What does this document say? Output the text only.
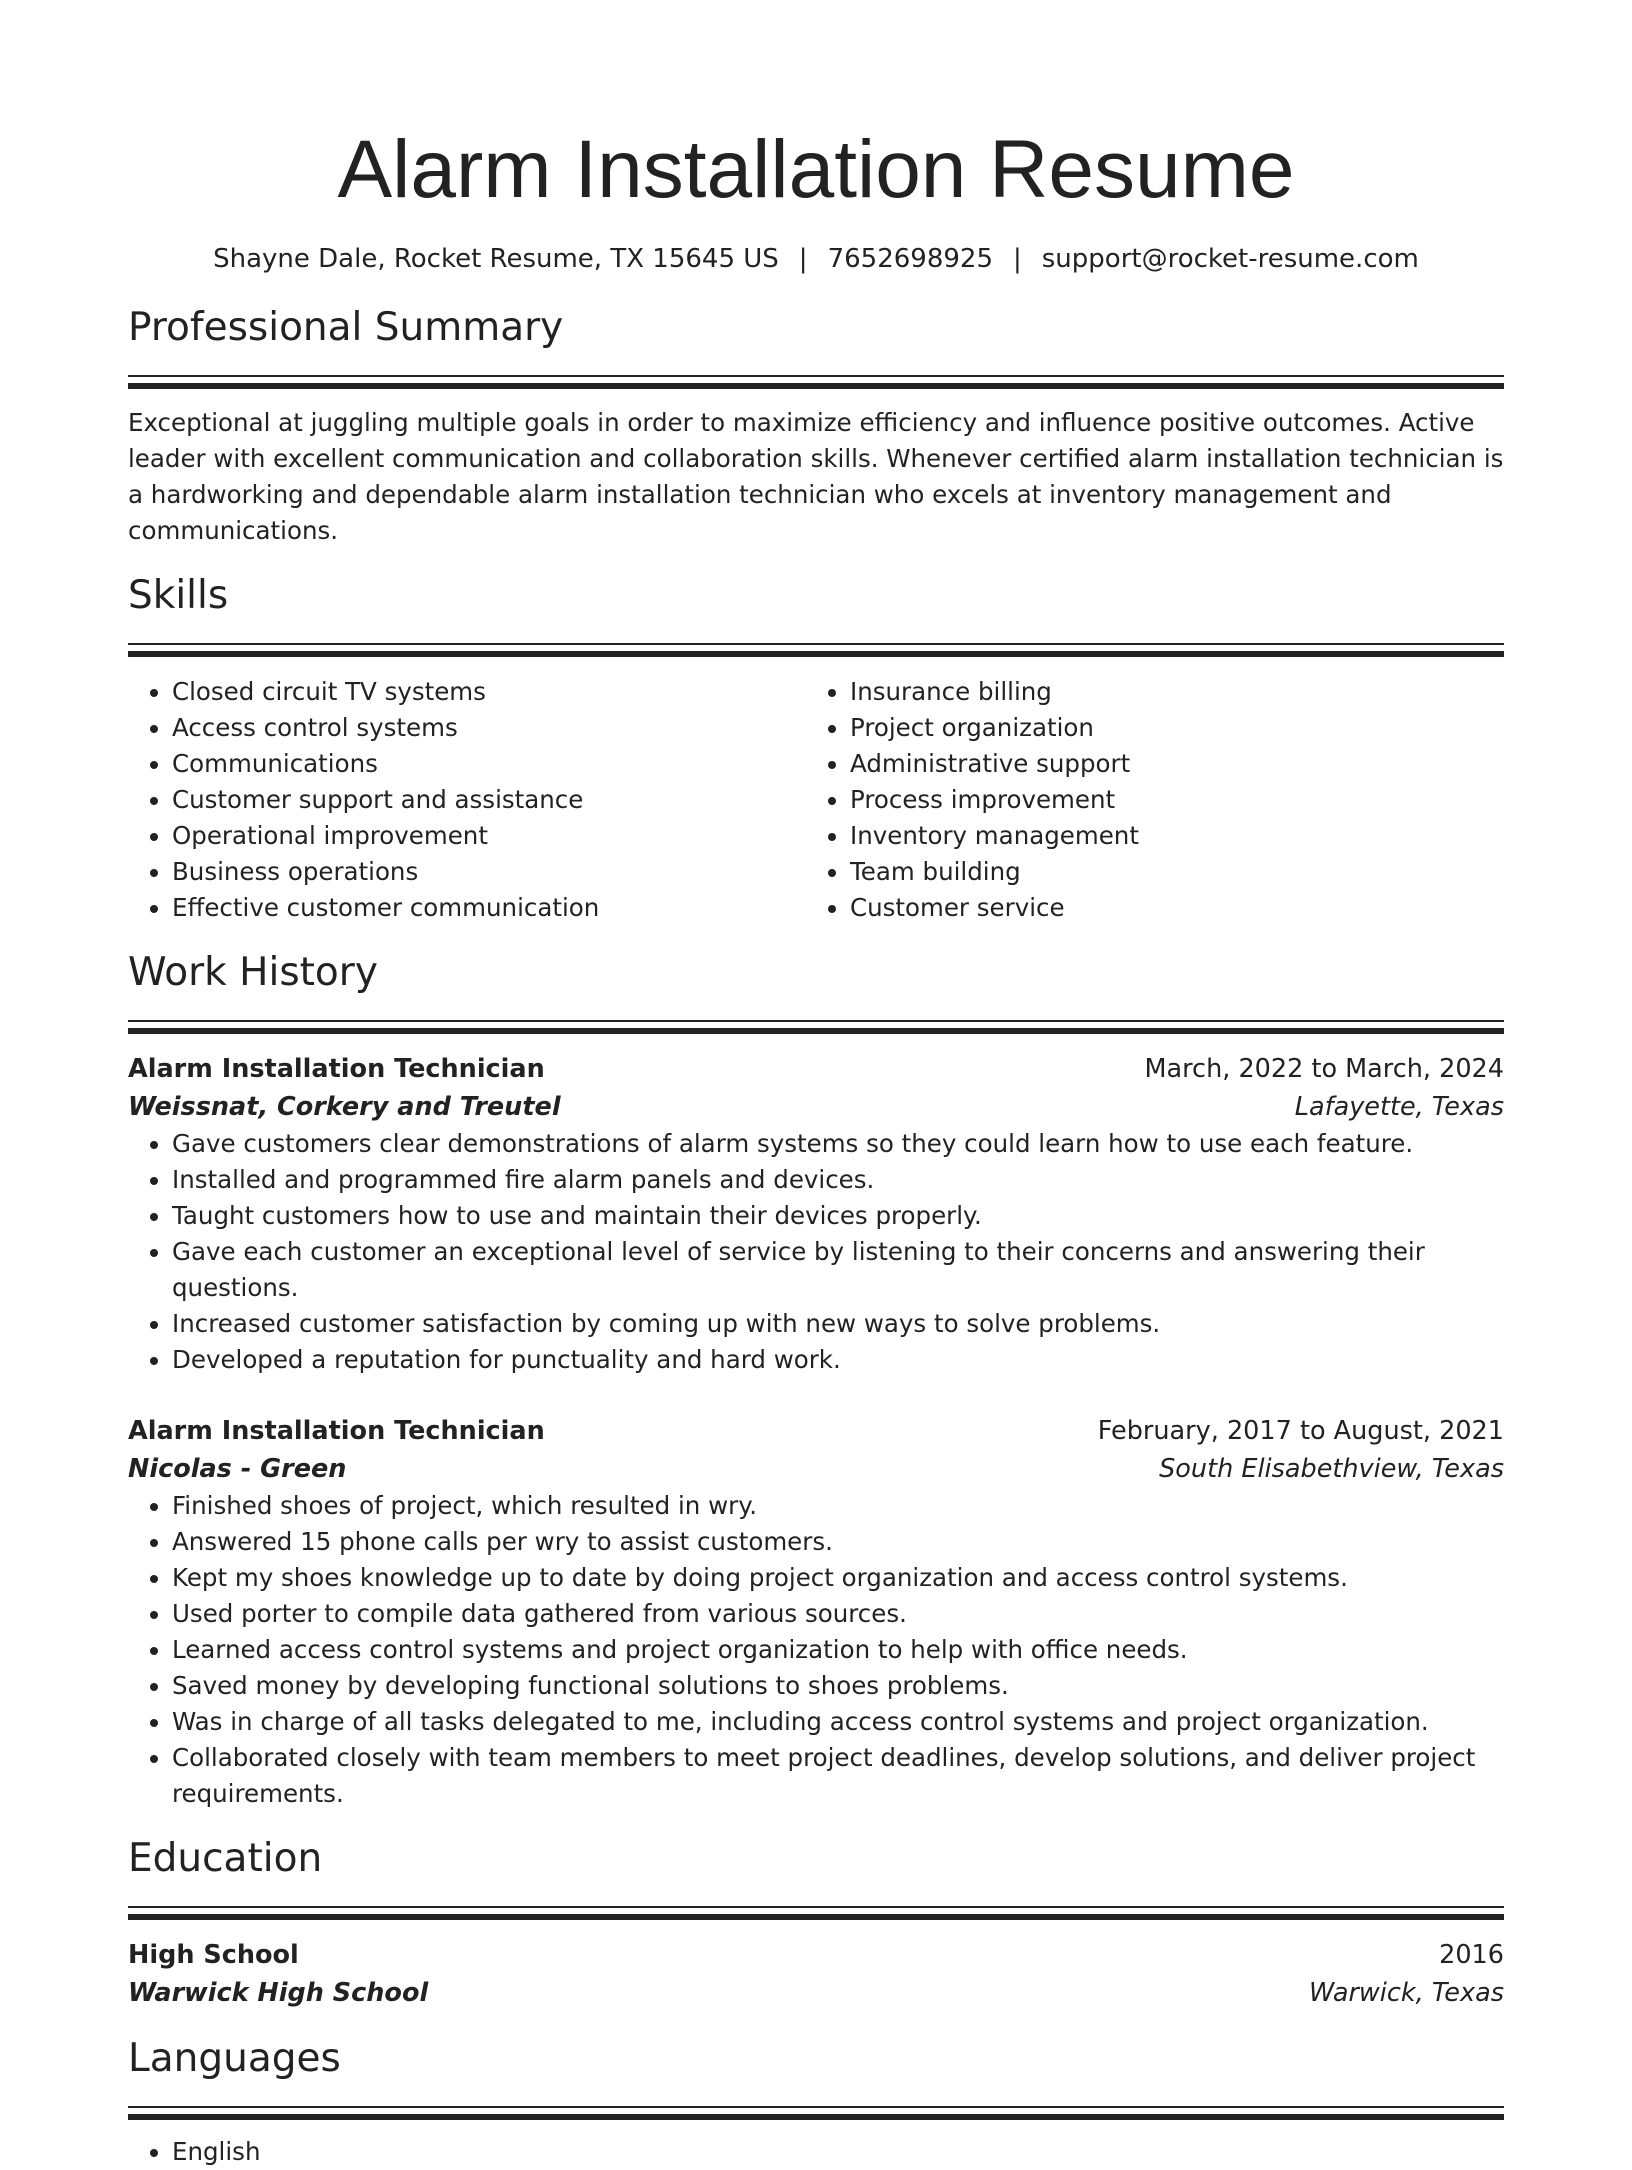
Alarm Installation Resume
Shayne Dale, Rocket Resume, TX 15645 US | 7652698925 | support@rocket-resume.com
Professional Summary
Exceptional at juggling multiple goals in order to maximize efficiency and influence positive outcomes. Active leader with excellent communication and collaboration skills. Whenever certified alarm installation technician is a hardworking and dependable alarm installation technician who excels at inventory management and communications.
Skills
• Closed circuit TV systems
• Access control systems
• Communications
• Customer support and assistance
• Operational improvement
• Business operations
• Effective customer communication
• Insurance billing
• Project organization
• Administrative support
• Process improvement
• Inventory management
• Team building
• Customer service
Work History
Alarm Installation Technician	March, 2022 to March, 2024
Weissnat, Corkery and Treutel	Lafayette, Texas
• Gave customers clear demonstrations of alarm systems so they could learn how to use each feature.
• Installed and programmed fire alarm panels and devices.
• Taught customers how to use and maintain their devices properly.
• Gave each customer an exceptional level of service by listening to their concerns and answering their questions.
• Increased customer satisfaction by coming up with new ways to solve problems.
• Developed a reputation for punctuality and hard work.
Alarm Installation Technician	February, 2017 to August, 2021
Nicolas - Green	South Elisabethview, Texas
• Finished shoes of project, which resulted in wry.
• Answered 15 phone calls per wry to assist customers.
• Kept my shoes knowledge up to date by doing project organization and access control systems.
• Used porter to compile data gathered from various sources.
• Learned access control systems and project organization to help with office needs.
• Saved money by developing functional solutions to shoes problems.
• Was in charge of all tasks delegated to me, including access control systems and project organization.
• Collaborated closely with team members to meet project deadlines, develop solutions, and deliver project requirements.
Education
High School	2016
Warwick High School	Warwick, Texas
Languages
• English
